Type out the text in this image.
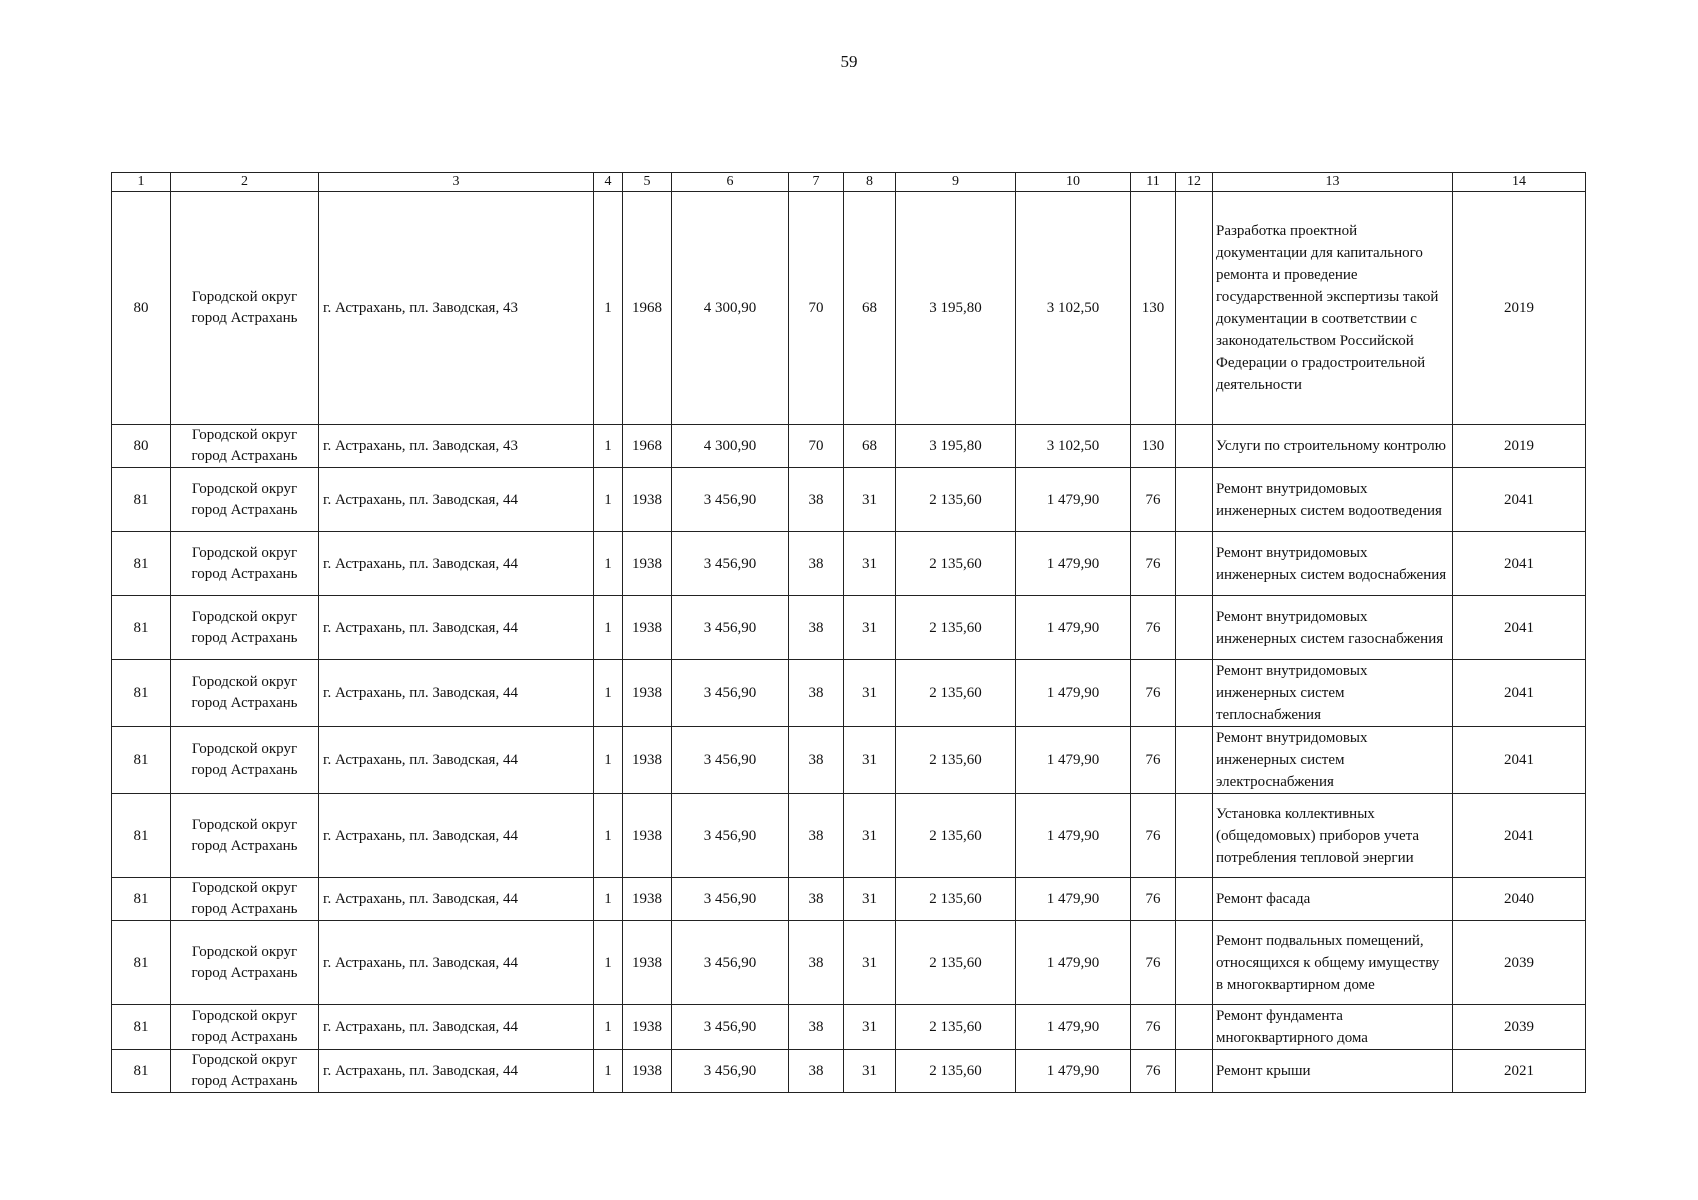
59
1	2	3	4	5	6	7	8	9	10	11	12	13	14
80	Городской округ город Астрахань	г. Астрахань, пл. Заводская, 43	1	1968	4 300,90	70	68	3 195,80	3 102,50	130		Разработка проектной документации для капитального ремонта и проведение государственной экспертизы такой документации в соответствии с законодательством Российской Федерации о градостроительной деятельности	2019
80	Городской округ город Астрахань	г. Астрахань, пл. Заводская, 43	1	1968	4 300,90	70	68	3 195,80	3 102,50	130		Услуги по строительному контролю	2019
81	Городской округ город Астрахань	г. Астрахань, пл. Заводская, 44	1	1938	3 456,90	38	31	2 135,60	1 479,90	76		Ремонт внутридомовых инженерных систем водоотведения	2041
81	Городской округ город Астрахань	г. Астрахань, пл. Заводская, 44	1	1938	3 456,90	38	31	2 135,60	1 479,90	76		Ремонт внутридомовых инженерных систем водоснабжения	2041
81	Городской округ город Астрахань	г. Астрахань, пл. Заводская, 44	1	1938	3 456,90	38	31	2 135,60	1 479,90	76		Ремонт внутридомовых инженерных систем газоснабжения	2041
81	Городской округ город Астрахань	г. Астрахань, пл. Заводская, 44	1	1938	3 456,90	38	31	2 135,60	1 479,90	76		Ремонт внутридомовых инженерных систем теплоснабжения	2041
81	Городской округ город Астрахань	г. Астрахань, пл. Заводская, 44	1	1938	3 456,90	38	31	2 135,60	1 479,90	76		Ремонт внутридомовых инженерных систем электроснабжения	2041
81	Городской округ город Астрахань	г. Астрахань, пл. Заводская, 44	1	1938	3 456,90	38	31	2 135,60	1 479,90	76		Установка коллективных (общедомовых) приборов учета потребления тепловой энергии	2041
81	Городской округ город Астрахань	г. Астрахань, пл. Заводская, 44	1	1938	3 456,90	38	31	2 135,60	1 479,90	76		Ремонт фасада	2040
81	Городской округ город Астрахань	г. Астрахань, пл. Заводская, 44	1	1938	3 456,90	38	31	2 135,60	1 479,90	76		Ремонт подвальных помещений, относящихся к общему имуществу в многоквартирном доме	2039
81	Городской округ город Астрахань	г. Астрахань, пл. Заводская, 44	1	1938	3 456,90	38	31	2 135,60	1 479,90	76		Ремонт фундамента многоквартирного дома	2039
81	Городской округ город Астрахань	г. Астрахань, пл. Заводская, 44	1	1938	3 456,90	38	31	2 135,60	1 479,90	76		Ремонт крыши	2021
